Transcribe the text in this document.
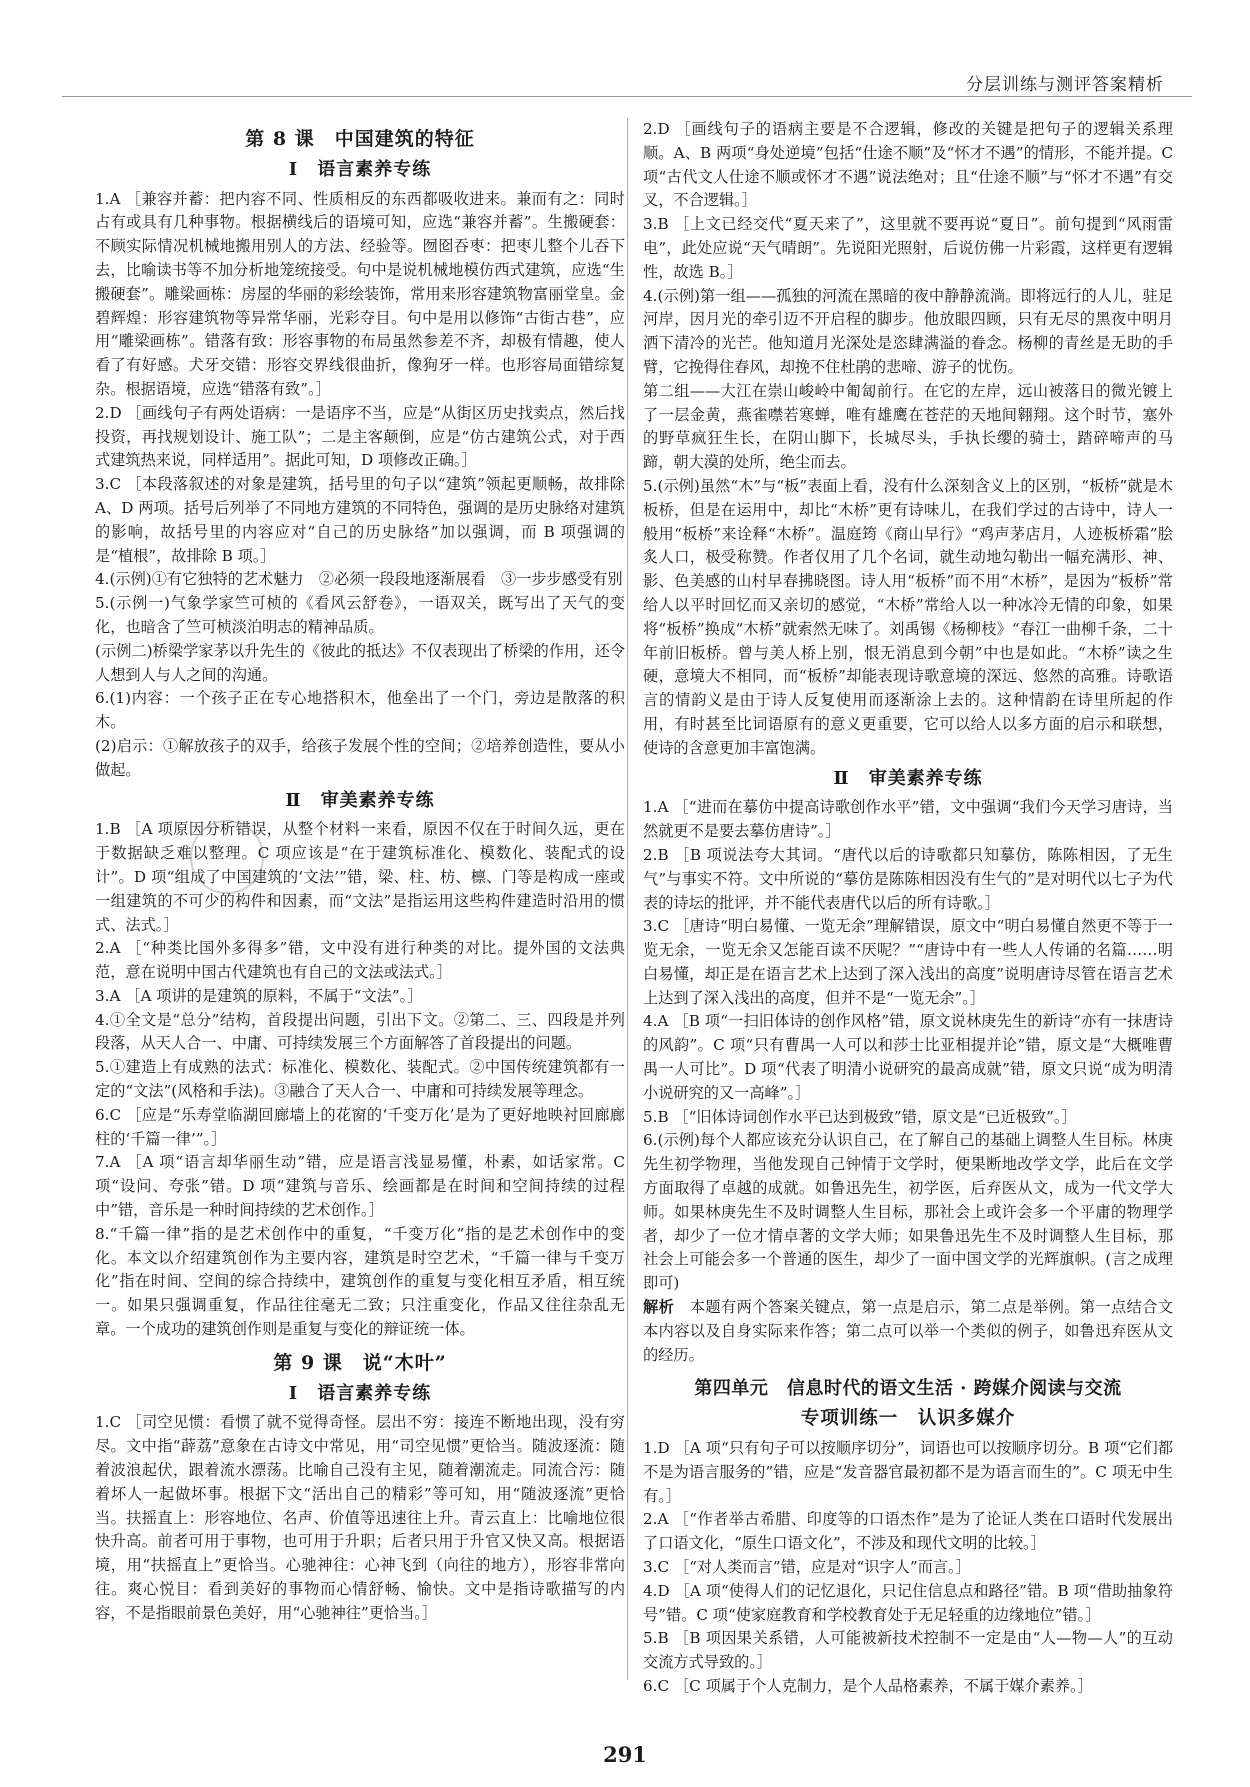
分层训练与测评答案精析
第 8 课　中国建筑的特征
Ⅰ　语言素养专练

1.A ［兼容并蓄：把内容不同、性质相反的东西都吸收进来。兼而有之：同时占有或具有几种事物。根据横线后的语境可知，应选“兼容并蓄”。生搬硬套：不顾实际情况机械地搬用别人的方法、经验等。囫囵吞枣：把枣儿整个儿吞下去，比喻读书等不加分析地笼统接受。句中是说机械地模仿西式建筑，应选“生搬硬套”。雕梁画栋：房屋的华丽的彩绘装饰，常用来形容建筑物富丽堂皇。金碧辉煌：形容建筑物等异常华丽，光彩夺目。句中是用以修饰“古街古巷”，应用“雕梁画栋”。错落有致：形容事物的布局虽然参差不齐，却极有情趣，使人看了有好感。犬牙交错：形容交界线很曲折，像狗牙一样。也形容局面错综复杂。根据语境，应选“错落有致”。］

2.D ［画线句子有两处语病：一是语序不当，应是“从街区历史找卖点，然后找投资，再找规划设计、施工队”；二是主客颠倒，应是“仿古建筑公式，对于西式建筑热来说，同样适用”。据此可知，D 项修改正确。］

3.C ［本段落叙述的对象是建筑，括号里的句子以“建筑”领起更顺畅，故排除 A、D 两项。括号后列举了不同地方建筑的不同特色，强调的是历史脉络对建筑的影响，故括号里的内容应对“自己的历史脉络”加以强调，而 B 项强调的是“植根”，故排除 B 项。］

4.(示例)①有它独特的艺术魅力　②必须一段段地逐渐展看　③一步步感受有别

5.(示例一)气象学家竺可桢的《看风云舒卷》，一语双关，既写出了天气的变化，也暗含了竺可桢淡泊明志的精神品质。

(示例二)桥梁学家茅以升先生的《彼此的抵达》不仅表现出了桥梁的作用，还令人想到人与人之间的沟通。

6.(1)内容：一个孩子正在专心地搭积木，他垒出了一个门，旁边是散落的积木。

(2)启示：①解放孩子的双手，给孩子发展个性的空间；②培养创造性，要从小做起。

Ⅱ　审美素养专练

1.B ［A 项原因分析错误，从整个材料一来看，原因不仅在于时间久远，更在于数据缺乏难以整理。C 项应该是“在于建筑标准化、模数化、装配式的设计”。D 项“组成了中国建筑的‘文法’”错，梁、柱、枋、檩、门等是构成一座或一组建筑的不可少的构件和因素，而“文法”是指运用这些构件建造时沿用的惯式、法式。］

2.A ［“种类比国外多得多”错，文中没有进行种类的对比。提外国的文法典范，意在说明中国古代建筑也有自己的文法或法式。］

3.A ［A 项讲的是建筑的原料，不属于“文法”。］

4.①全文是“总分”结构，首段提出问题，引出下文。②第二、三、四段是并列段落，从天人合一、中庸、可持续发展三个方面解答了首段提出的问题。

5.①建造上有成熟的法式：标准化、模数化、装配式。②中国传统建筑都有一定的“文法”(风格和手法)。③融合了天人合一、中庸和可持续发展等理念。

6.C ［应是“乐寿堂临湖回廊墙上的花窗的‘千变万化’是为了更好地映衬回廊廊柱的‘千篇一律’”。］

7.A ［A 项“语言却华丽生动”错，应是语言浅显易懂，朴素，如话家常。C 项“设问、夸张”错。D 项“建筑与音乐、绘画都是在时间和空间持续的过程中”错，音乐是一种时间持续的艺术创作。］

8.“千篇一律”指的是艺术创作中的重复，“千变万化”指的是艺术创作中的变化。本文以介绍建筑创作为主要内容，建筑是时空艺术，“千篇一律与千变万化”指在时间、空间的综合持续中，建筑创作的重复与变化相互矛盾，相互统一。如果只强调重复，作品往往毫无二致；只注重变化，作品又往往杂乱无章。一个成功的建筑创作则是重复与变化的辩证统一体。

第 9 课　说“木叶”
Ⅰ　语言素养专练

1.C ［司空见惯：看惯了就不觉得奇怪。层出不穷：接连不断地出现，没有穷尽。文中指“薜荔”意象在古诗文中常见，用“司空见惯”更恰当。随波逐流：随着波浪起伏，跟着流水漂荡。比喻自己没有主见，随着潮流走。同流合污：随着坏人一起做坏事。根据下文“活出自己的精彩”等可知，用“随波逐流”更恰当。扶摇直上：形容地位、名声、价值等迅速往上升。青云直上：比喻地位很快升高。前者可用于事物，也可用于升职；后者只用于升官又快又高。根据语境，用“扶摇直上”更恰当。心驰神往：心神飞到（向往的地方），形容非常向往。爽心悦目：看到美好的事物而心情舒畅、愉快。文中是指诗歌描写的内容，不是指眼前景色美好，用“心驰神往”更恰当。］

2.D ［画线句子的语病主要是不合逻辑，修改的关键是把句子的逻辑关系理顺。A、B 两项“身处逆境”包括“仕途不顺”及“怀才不遇”的情形，不能并提。C 项“古代文人仕途不顺或怀才不遇”说法绝对；且“仕途不顺”与“怀才不遇”有交叉，不合逻辑。］

3.B ［上文已经交代“夏天来了”，这里就不要再说“夏日”。前句提到“风雨雷电”，此处应说“天气晴朗”。先说阳光照射，后说仿佛一片彩霞，这样更有逻辑性，故选 B。］

4.(示例)第一组——孤独的河流在黑暗的夜中静静流淌。即将远行的人儿，驻足河岸，因月光的牵引迈不开启程的脚步。他放眼四顾，只有无尽的黑夜中明月洒下清冷的光芒。他知道月光深处是恣肆满溢的眷念。杨柳的青丝是无助的手臂，它挽得住春风，却挽不住杜鹃的悲啼、游子的忧伤。

第二组——大江在崇山峻岭中匍匐前行。在它的左岸，远山被落日的微光镀上了一层金黄，燕雀噤若寒蝉，唯有雄鹰在苍茫的天地间翱翔。这个时节，塞外的野草疯狂生长，在阴山脚下，长城尽头，手执长缨的骑士，踏碎啼声的马蹄，朝大漠的处所，绝尘而去。

5.(示例)虽然“木”与“板”表面上看，没有什么深刻含义上的区别，“板桥”就是木板桥，但是在运用中，却比“木桥”更有诗味儿，在我们学过的古诗中，诗人一般用“板桥”来诠释“木桥”。温庭筠《商山早行》“鸡声茅店月，人迹板桥霜”脍炙人口，极受称赞。作者仅用了几个名词，就生动地勾勒出一幅充满形、神、影、色美感的山村早春拂晓图。诗人用“板桥”而不用“木桥”，是因为“板桥”常给人以平时回忆而又亲切的感觉，“木桥”常给人以一种冰冷无情的印象，如果将“板桥”换成“木桥”就索然无味了。刘禹锡《杨柳枝》“春江一曲柳千条，二十年前旧板桥。曾与美人桥上别，恨无消息到今朝”中也是如此。“木桥”读之生硬，意境大不相同，而“板桥”却能表现诗歌意境的深远、悠然的高雅。诗歌语言的情韵义是由于诗人反复使用而逐渐涂上去的。这种情韵在诗里所起的作用，有时甚至比词语原有的意义更重要，它可以给人以多方面的启示和联想，使诗的含意更加丰富饱满。

Ⅱ　审美素养专练

1.A ［“进而在摹仿中提高诗歌创作水平”错，文中强调“我们今天学习唐诗，当然就更不是要去摹仿唐诗”。］

2.B ［B 项说法夸大其词。“唐代以后的诗歌都只知摹仿，陈陈相因，了无生气”与事实不符。文中所说的“摹仿是陈陈相因没有生气的”是对明代以七子为代表的诗坛的批评，并不能代表唐代以后的所有诗歌。］

3.C ［唐诗“明白易懂、一览无余”理解错误，原文中“明白易懂自然更不等于一览无余，一览无余又怎能百读不厌呢？”“唐诗中有一些人人传诵的名篇……明白易懂，却正是在语言艺术上达到了深入浅出的高度”说明唐诗尽管在语言艺术上达到了深入浅出的高度，但并不是“一览无余”。］

4.A ［B 项“一扫旧体诗的创作风格”错，原文说林庚先生的新诗“亦有一抹唐诗的风韵”。C 项“只有曹禺一人可以和莎士比亚相提并论”错，原文是“大概唯曹禺一人可比”。D 项“代表了明清小说研究的最高成就”错，原文只说“成为明清小说研究的又一高峰”。］

5.B ［“旧体诗词创作水平已达到极致”错，原文是“已近极致”。］

6.(示例)每个人都应该充分认识自己，在了解自己的基础上调整人生目标。林庚先生初学物理，当他发现自己钟情于文学时，便果断地改学文学，此后在文学方面取得了卓越的成就。如鲁迅先生，初学医，后弃医从文，成为一代文学大师。如果林庚先生不及时调整人生目标，那社会上或许会多一个平庸的物理学者，却少了一位才情卓著的文学大师；如果鲁迅先生不及时调整人生目标，那社会上可能会多一个普通的医生，却少了一面中国文学的光辉旗帜。(言之成理即可)

解析　 本题有两个答案关键点，第一点是启示，第二点是举例。第一点结合文本内容以及自身实际来作答；第二点可以举一个类似的例子，如鲁迅弃医从文的经历。

第四单元　信息时代的语文生活 · 跨媒介阅读与交流
专项训练一　认识多媒介

1.D ［A 项“只有句子可以按顺序切分”，词语也可以按顺序切分。B 项“它们都不是为语言服务的”错，应是“发音器官最初都不是为语言而生的”。C 项无中生有。］

2.A ［“作者举古希腊、印度等的口语杰作”是为了论证人类在口语时代发展出了口语文化，“原生口语文化”，不涉及和现代文明的比较。］

3.C ［“对人类而言”错，应是对“识字人”而言。］

4.D ［A 项“使得人们的记忆退化，只记住信息点和路径”错。B 项“借助抽象符号”错。C 项“使家庭教育和学校教育处于无足轻重的边缘地位”错。］

5.B ［B 项因果关系错，人可能被新技术控制不一定是由“人—物—人”的互动交流方式导致的。］

6.C ［C 项属于个人克制力，是个人品格素养，不属于媒介素养。］

291
